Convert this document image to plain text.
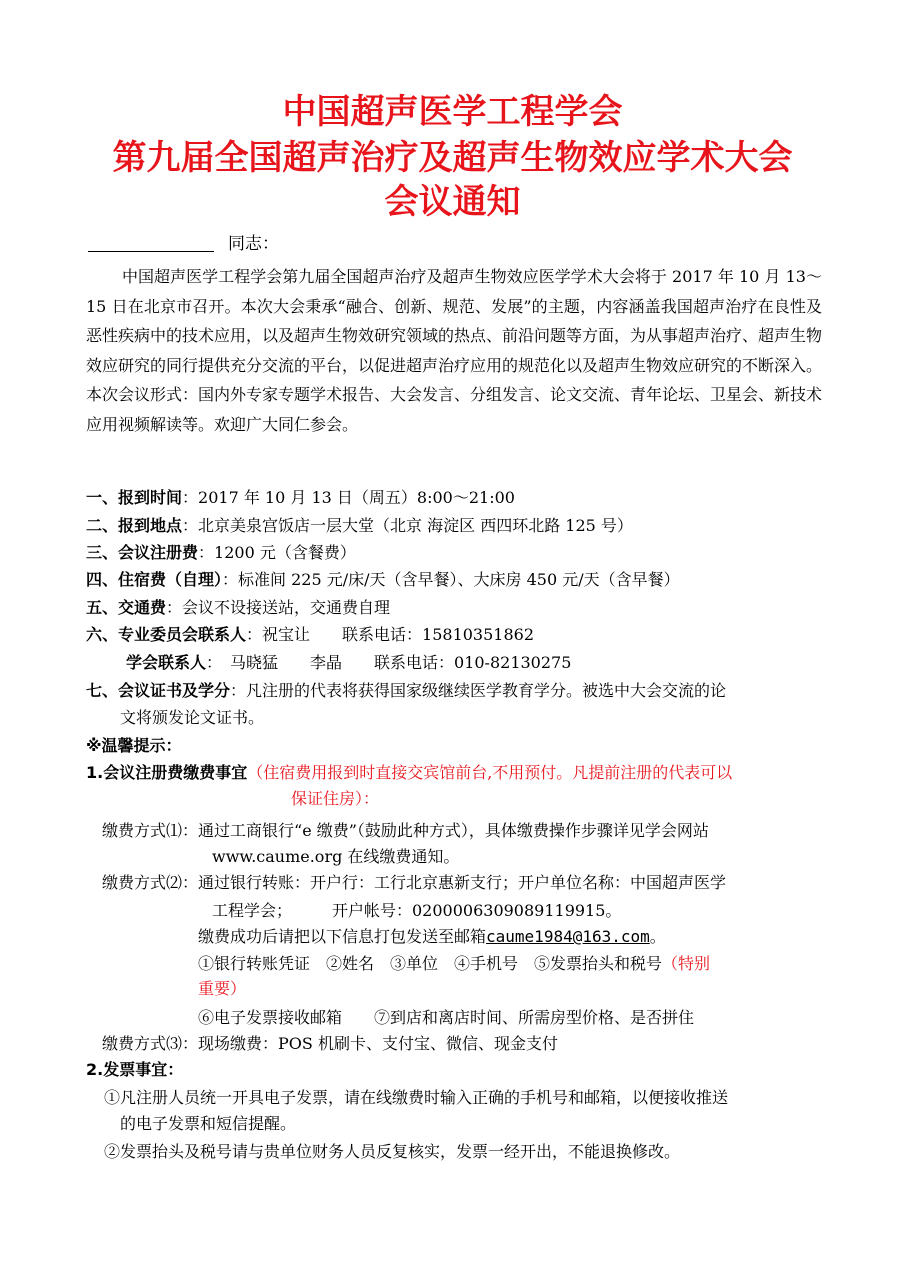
中国超声医学工程学会
第九届全国超声治疗及超声生物效应学术大会
会议通知
同志：

中国超声医学工程学会第九届全国超声治疗及超声生物效应医学学术大会将于 2017 年 10 月 13～15 日在北京市召开。本次大会秉承“融合、创新、规范、发展”的主题，内容涵盖我国超声治疗在良性及恶性疾病中的技术应用，以及超声生物效研究领域的热点、前沿问题等方面，为从事超声治疗、超声生物效应研究的同行提供充分交流的平台，以促进超声治疗应用的规范化以及超声生物效应研究的不断深入。本次会议形式：国内外专家专题学术报告、大会发言、分组发言、论文交流、青年论坛、卫星会、新技术应用视频解读等。欢迎广大同仁参会。

一、报到时间：2017 年 10 月 13 日（周五）8:00～21:00
二、报到地点：北京美泉宫饭店一层大堂（北京 海淀区 西四环北路 125 号）
三、会议注册费：1200 元（含餐费）
四、住宿费（自理）：标准间 225 元/床/天（含早餐）、大床房 450 元/天（含早餐）
五、交通费：会议不设接送站，交通费自理
六、专业委员会联系人：祝宝让　　联系电话：15810351862
学会联系人：　马晓猛　　李晶　　联系电话：010-82130275
七、会议证书及学分：凡注册的代表将获得国家级继续医学教育学分。被选中大会交流的论
文将颁发论文证书。
※温馨提示：
1.会议注册费缴费事宜（住宿费用报到时直接交宾馆前台,不用预付。凡提前注册的代表可以
保证住房）：
缴费方式⑴：通过工商银行“e 缴费”（鼓励此种方式），具体缴费操作步骤详见学会网站
www.caume.org 在线缴费通知。
缴费方式⑵：通过银行转账：开户行：工行北京惠新支行；开户单位名称：中国超声医学
工程学会；　　　开户帐号：0200006309089119915。
缴费成功后请把以下信息打包发送至邮箱caume1984@163.com。
①银行转账凭证　②姓名　③单位　④手机号　⑤发票抬头和税号（特别
重要）
⑥电子发票接收邮箱　　⑦到店和离店时间、所需房型价格、是否拼住
缴费方式⑶：现场缴费：POS 机刷卡、支付宝、微信、现金支付
2.发票事宜：
①凡注册人员统一开具电子发票，请在线缴费时输入正确的手机号和邮箱，以便接收推送
的电子发票和短信提醒。
②发票抬头及税号请与贵单位财务人员反复核实，发票一经开出，不能退换修改。
